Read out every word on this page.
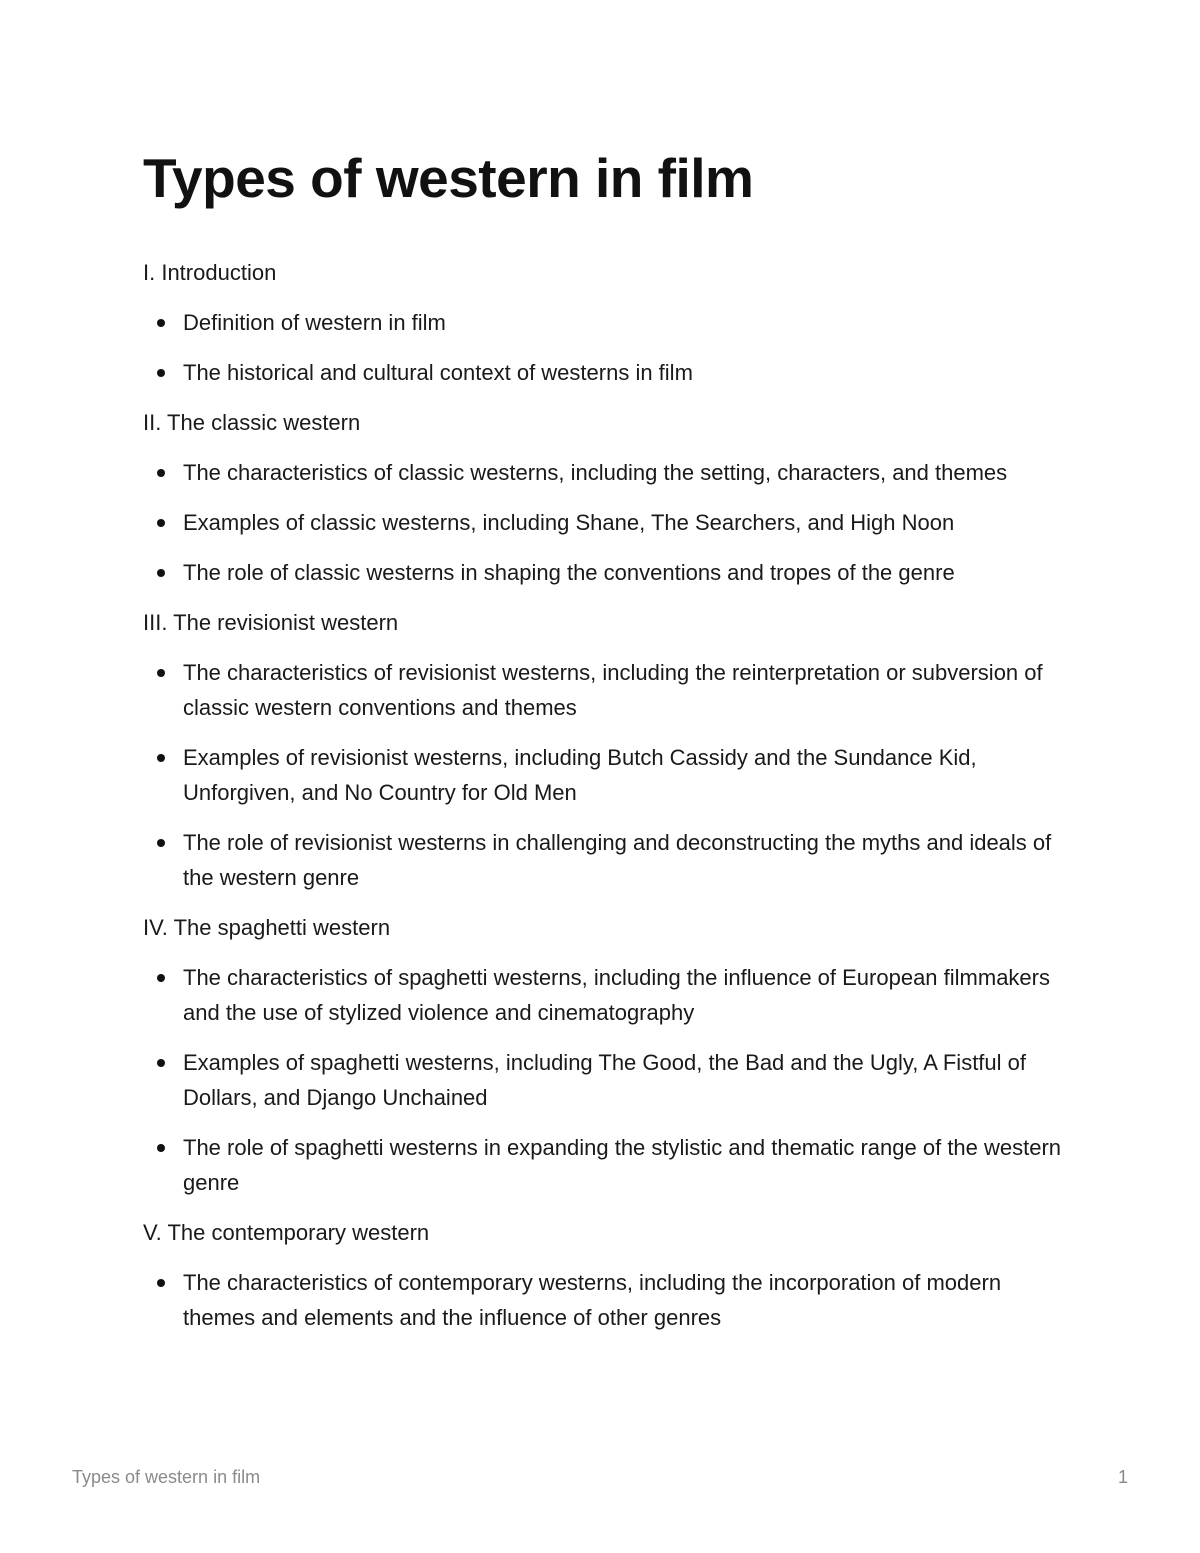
Types of western in film

I. Introduction

Definition of western in film
The historical and cultural context of westerns in film

II. The classic western

The characteristics of classic westerns, including the setting, characters, and themes
Examples of classic westerns, including Shane, The Searchers, and High Noon
The role of classic westerns in shaping the conventions and tropes of the genre

III. The revisionist western

The characteristics of revisionist westerns, including the reinterpretation or subversion of classic western conventions and themes
Examples of revisionist westerns, including Butch Cassidy and the Sundance Kid, Unforgiven, and No Country for Old Men
The role of revisionist westerns in challenging and deconstructing the myths and ideals of the western genre

IV. The spaghetti western

The characteristics of spaghetti westerns, including the influence of European filmmakers and the use of stylized violence and cinematography
Examples of spaghetti westerns, including The Good, the Bad and the Ugly, A Fistful of Dollars, and Django Unchained
The role of spaghetti westerns in expanding the stylistic and thematic range of the western genre

V. The contemporary western

The characteristics of contemporary westerns, including the incorporation of modern themes and elements and the influence of other genres
Types of western in film	1
